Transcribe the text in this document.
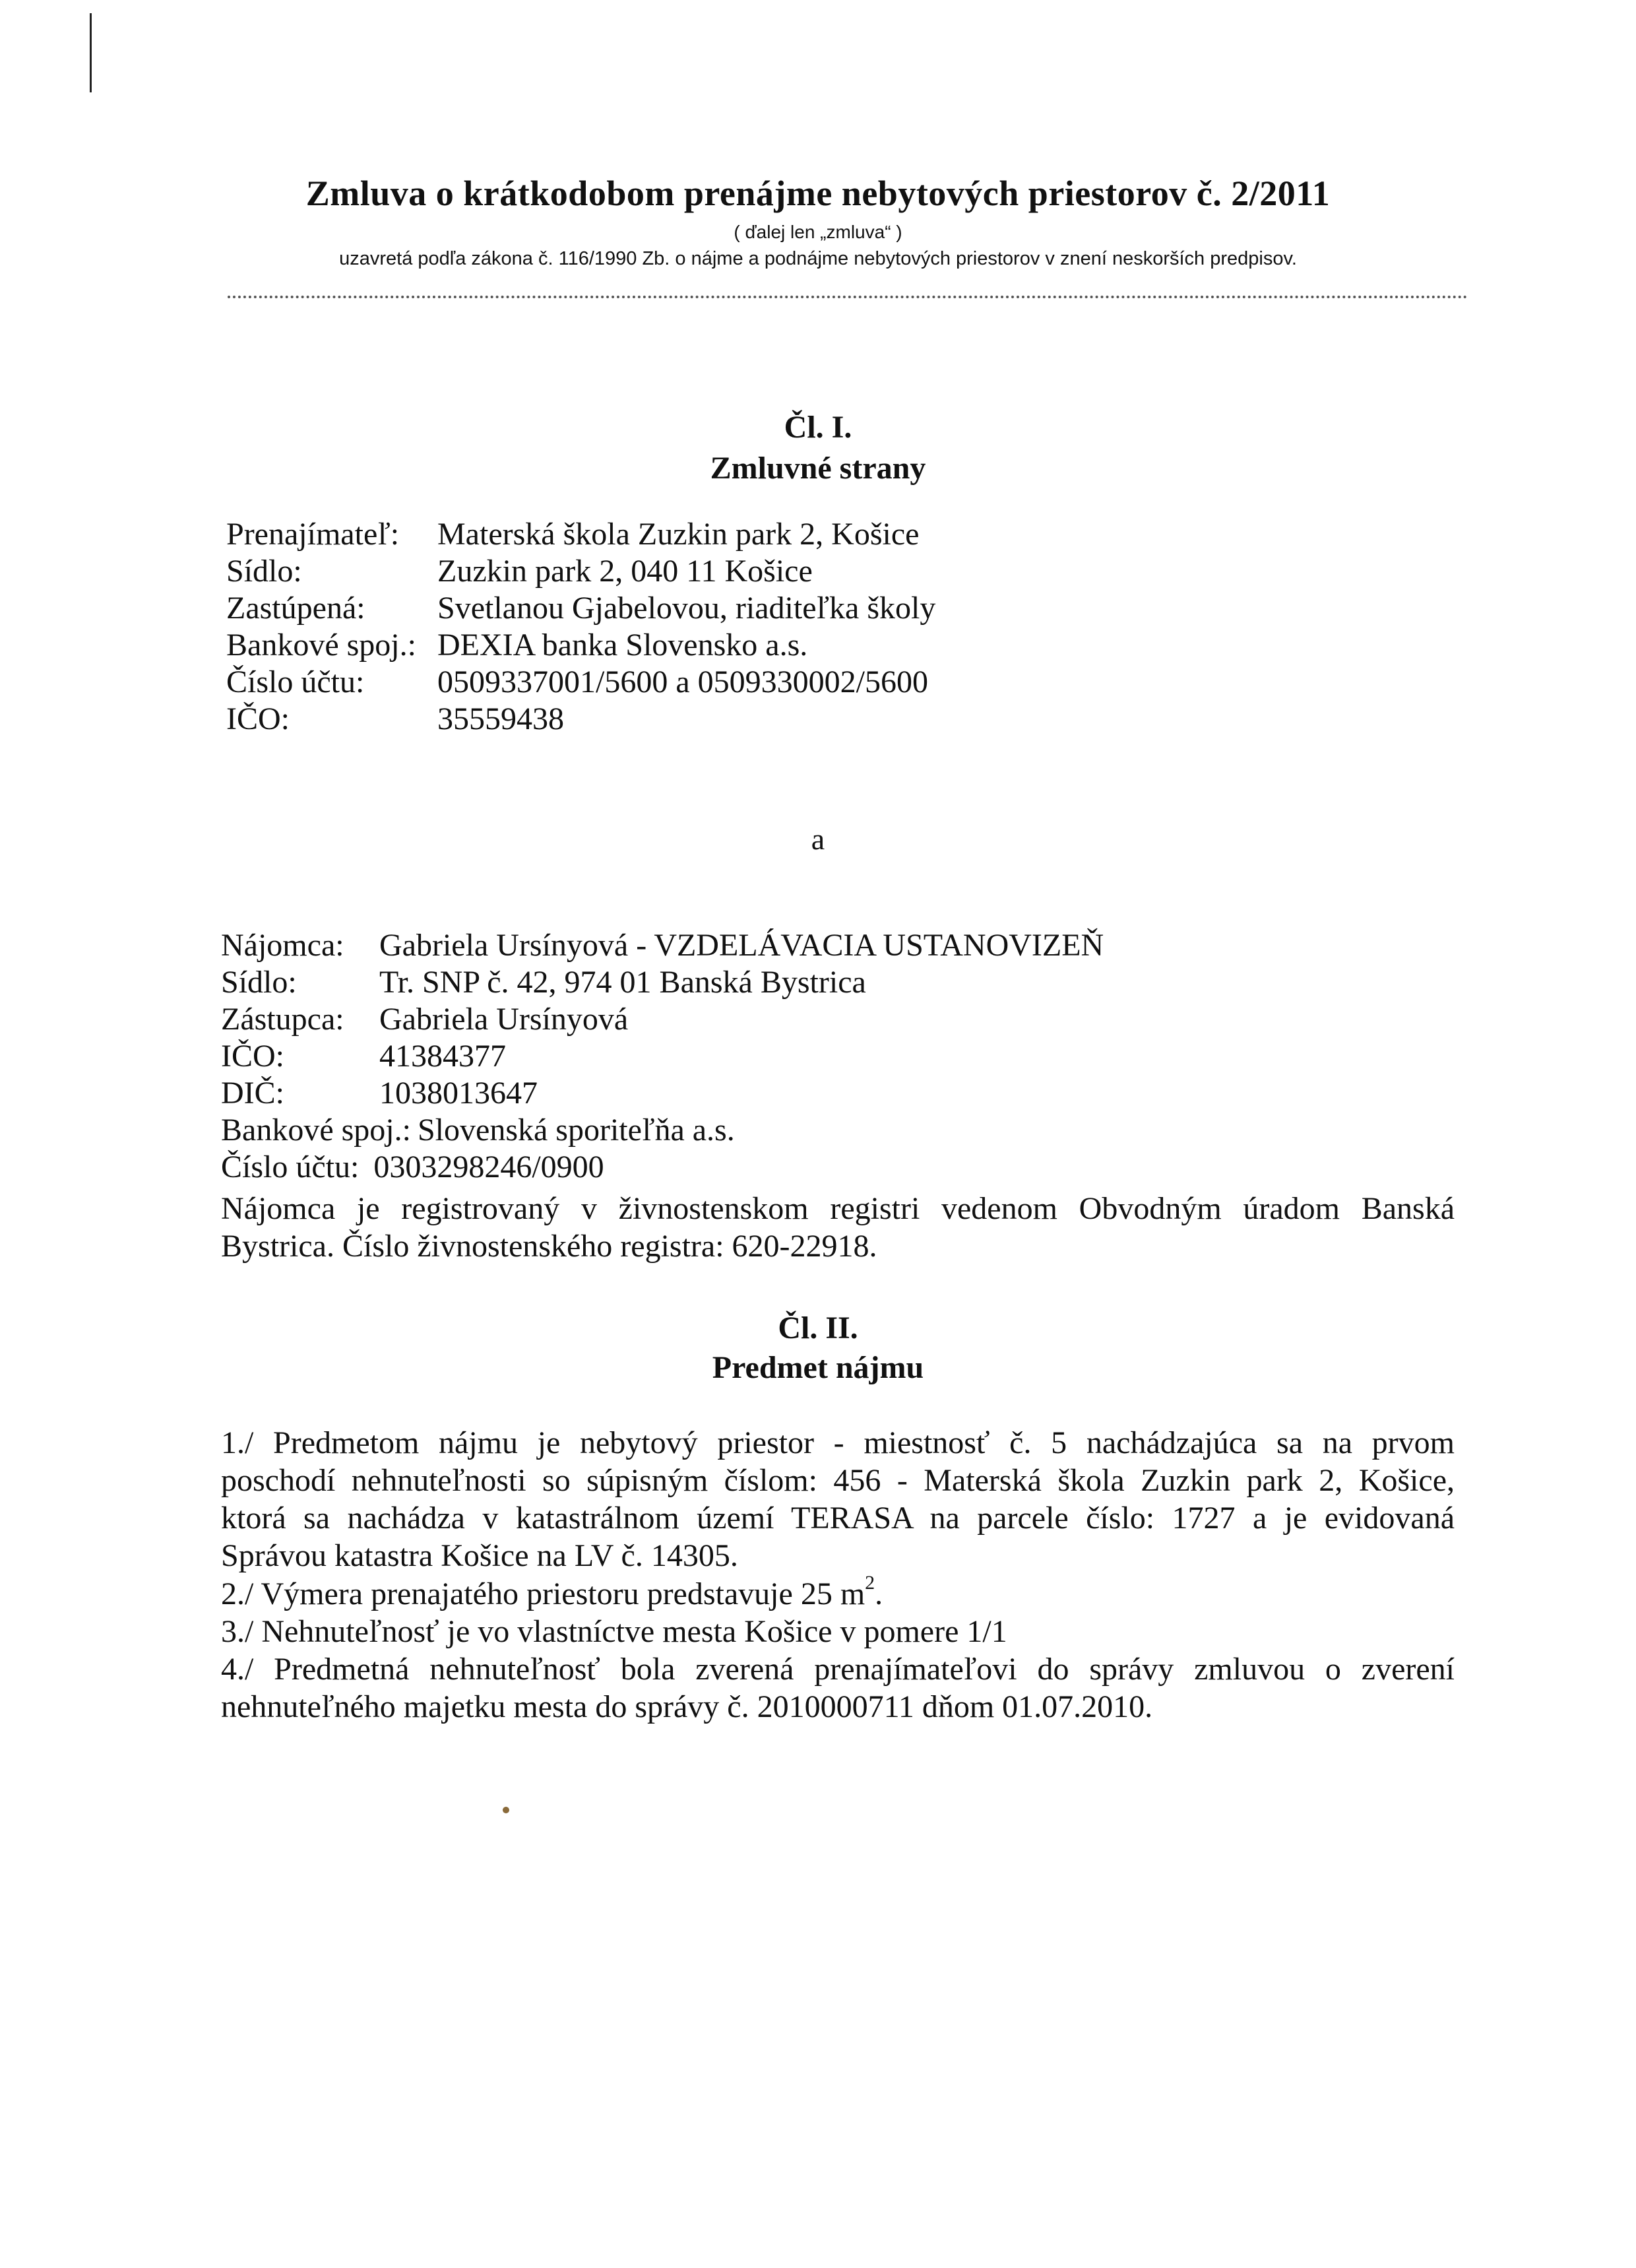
Zmluva o krátkodobom prenájme nebytových priestorov č. 2/2011
( ďalej len „zmluva“ )
uzavretá podľa zákona č. 116/1990 Zb. o nájme a podnájme nebytových priestorov v znení neskorších predpisov.
Čl. I.
Zmluvné strany
Prenajímateľ:	Materská škola Zuzkin park 2, Košice
Sídlo:	Zuzkin park 2, 040 11 Košice
Zastúpená:	Svetlanou Gjabelovou, riaditeľka školy
Bankové spoj.: DEXIA banka Slovensko a.s.
Číslo účtu:	0509337001/5600 a 0509330002/5600
IČO:	35559438
a
Nájomca:	Gabriela Ursínyová - VZDELÁVACIA USTANOVIZEŇ
Sídlo:	Tr. SNP č. 42, 974 01 Banská Bystrica
Zástupca:	Gabriela Ursínyová
IČO:	41384377
DIČ:	1038013647
Bankové spoj.: Slovenská sporiteľňa a.s.
Číslo účtu: 0303298246/0900
Nájomca je registrovaný v živnostenskom registri vedenom Obvodným úradom Banská
Bystrica. Číslo živnostenského registra: 620-22918.
Čl. II.
Predmet nájmu
1./ Predmetom nájmu je nebytový priestor - miestnosť č. 5 nachádzajúca sa na prvom
poschodí nehnuteľnosti so súpisným číslom: 456 - Materská škola Zuzkin park 2, Košice,
ktorá sa nachádza v katastrálnom území TERASA na parcele číslo: 1727 a je evidovaná
Správou katastra Košice na LV č. 14305.
2./ Výmera prenajatého priestoru predstavuje 25 $m^2$.
3./ Nehnuteľnosť je vo vlastníctve mesta Košice v pomere 1/1
4./ Predmetná nehnuteľnosť bola zverená prenajímateľovi do správy zmluvou o zverení
nehnuteľného majetku mesta do správy č. 2010000711 dňom 01.07.2010.
